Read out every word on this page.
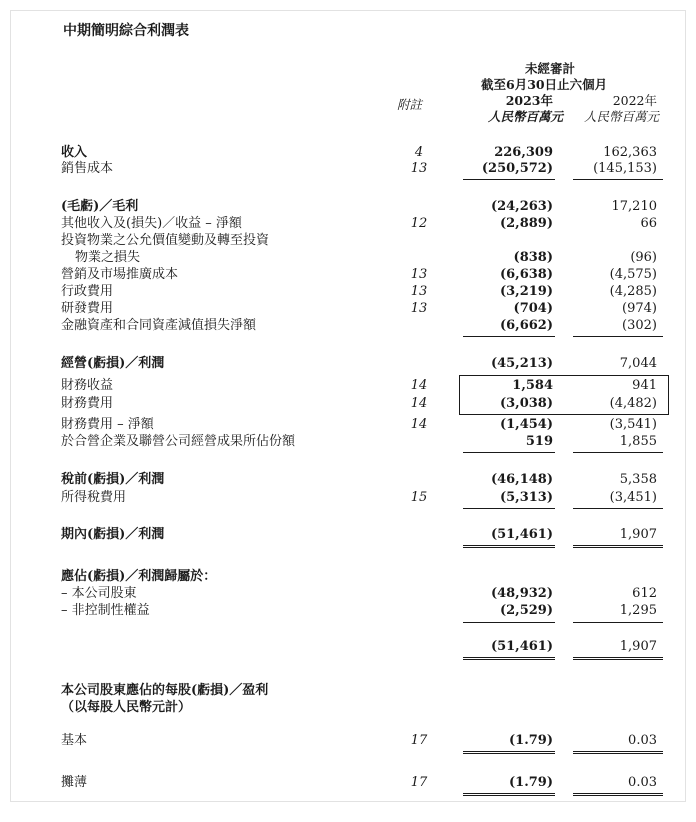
中期簡明綜合利潤表
未經審計
截至6月30日止六個月
附註	2023年	2022年
人民幣百萬元 人民幣百萬元
收入	4	226,309	162,363
銷售成本	13	(250,572)	(145,153)
(毛虧)／毛利	(24,263)	17,210
其他收入及(損失)／收益 – 淨額	12	(2,889)	66
投資物業之公允價值變動及轉至投資
物業之損失	(838)	(96)
營銷及市場推廣成本	13	(6,638)	(4,575)
行政費用	13	(3,219)	(4,285)
研發費用	13	(704)	(974)
金融資產和合同資產減值損失淨額	(6,662)	(302)
經營(虧損)／利潤	(45,213)	7,044
財務收益	14	1,584	941
財務費用	14	(3,038)	(4,482)
財務費用 – 淨額	14	(1,454)	(3,541)
於合營企業及聯營公司經營成果所佔份額	519	1,855
稅前(虧損)／利潤	(46,148)	5,358
所得稅費用	15	(5,313)	(3,451)
期內(虧損)／利潤	(51,461)	1,907
應佔(虧損)／利潤歸屬於：
– 本公司股東	(48,932)	612
– 非控制性權益	(2,529)	1,295
(51,461)	1,907
本公司股東應佔的每股(虧損)／盈利
（以每股人民幣元計）
基本	17	(1.79)	0.03
攤薄	17	(1.79)	0.03
